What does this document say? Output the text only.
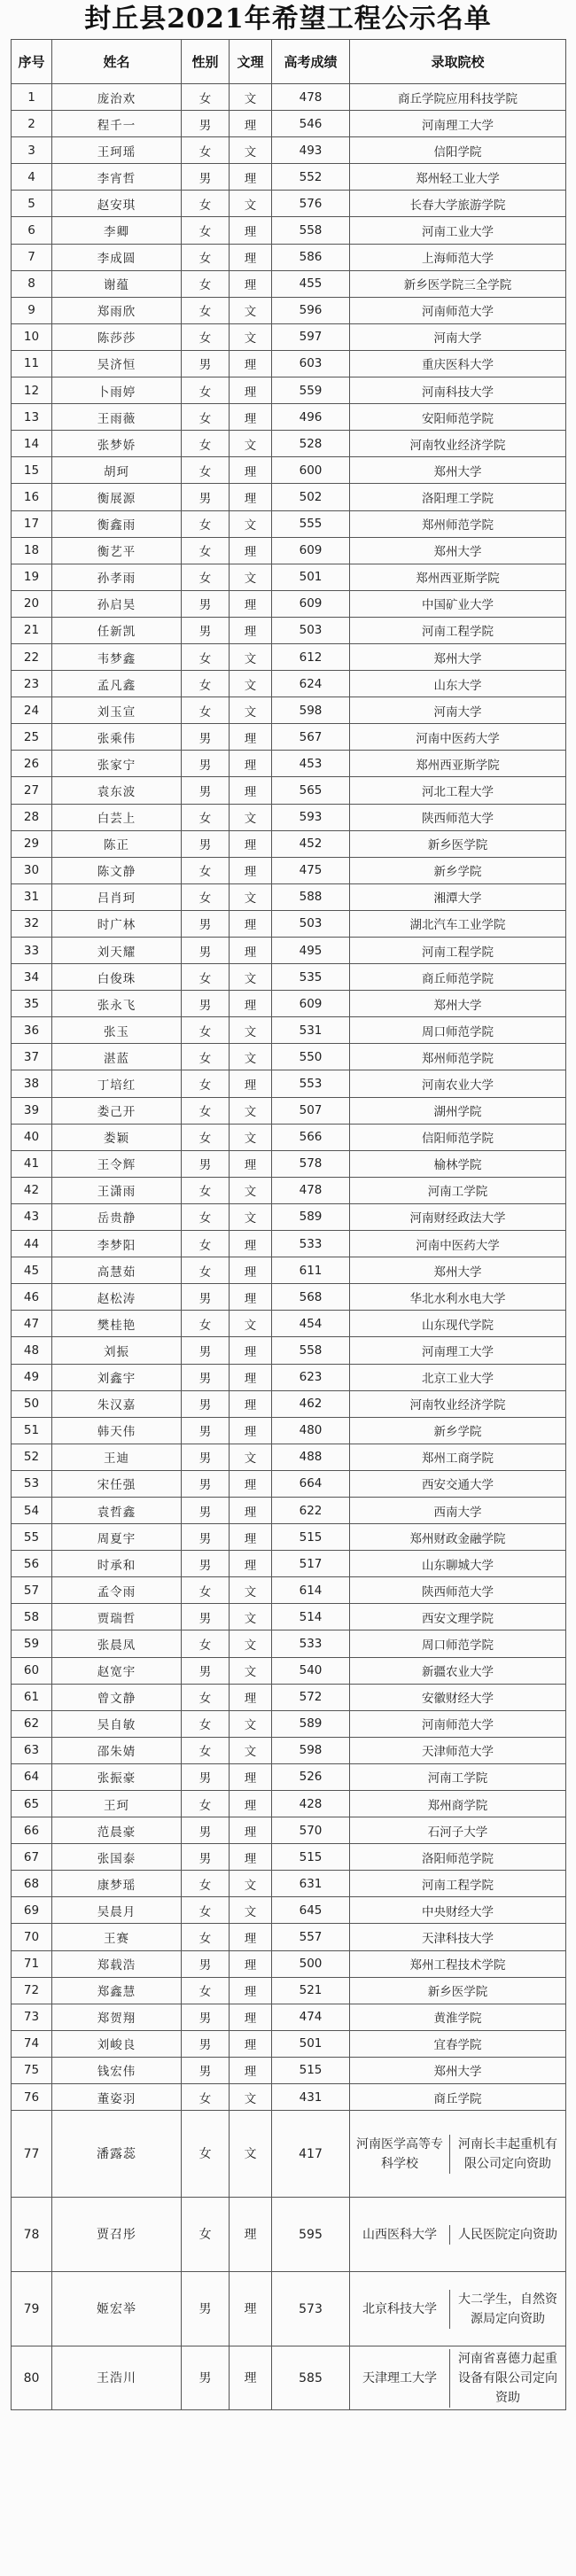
封丘县2021年希望工程公示名单
序号	姓名	性别	文理	高考成绩	录取院校
1	庞治欢	女	文	478	商丘学院应用科技学院
2	程千一	男	理	546	河南理工大学
3	王珂瑶	女	文	493	信阳学院
4	李宵哲	男	理	552	郑州轻工业大学
5	赵安琪	女	文	576	长春大学旅游学院
6	李卿	女	理	558	河南工业大学
7	李成圆	女	理	586	上海师范大学
8	谢蕴	女	理	455	新乡医学院三全学院
9	郑雨欣	女	文	596	河南师范大学
10	陈莎莎	女	文	597	河南大学
11	吴济恒	男	理	603	重庆医科大学
12	卜雨婷	女	理	559	河南科技大学
13	王雨薇	女	理	496	安阳师范学院
14	张梦娇	女	文	528	河南牧业经济学院
15	胡珂	女	理	600	郑州大学
16	衡展源	男	理	502	洛阳理工学院
17	衡鑫雨	女	文	555	郑州师范学院
18	衡艺平	女	理	609	郑州大学
19	孙孝雨	女	文	501	郑州西亚斯学院
20	孙启昊	男	理	609	中国矿业大学
21	任新凯	男	理	503	河南工程学院
22	韦梦鑫	女	文	612	郑州大学
23	孟凡鑫	女	文	624	山东大学
24	刘玉宣	女	文	598	河南大学
25	张乘伟	男	理	567	河南中医药大学
26	张家宁	男	理	453	郑州西亚斯学院
27	袁东波	男	理	565	河北工程大学
28	白芸上	女	文	593	陕西师范大学
29	陈正	男	理	452	新乡医学院
30	陈文静	女	理	475	新乡学院
31	吕肖珂	女	文	588	湘潭大学
32	时广林	男	理	503	湖北汽车工业学院
33	刘天耀	男	理	495	河南工程学院
34	白俊珠	女	文	535	商丘师范学院
35	张永飞	男	理	609	郑州大学
36	张玉	女	文	531	周口师范学院
37	湛蓝	女	文	550	郑州师范学院
38	丁培红	女	理	553	河南农业大学
39	娄己开	女	文	507	湖州学院
40	娄颖	女	文	566	信阳师范学院
41	王令辉	男	理	578	榆林学院
42	王潇雨	女	文	478	河南工学院
43	岳贵静	女	文	589	河南财经政法大学
44	李梦阳	女	理	533	河南中医药大学
45	高慧茹	女	理	611	郑州大学
46	赵松涛	男	理	568	华北水利水电大学
47	樊桂艳	女	文	454	山东现代学院
48	刘振	男	理	558	河南理工大学
49	刘鑫宇	男	理	623	北京工业大学
50	朱汉嘉	男	理	462	河南牧业经济学院
51	韩天伟	男	理	480	新乡学院
52	王迪	男	文	488	郑州工商学院
53	宋任强	男	理	664	西安交通大学
54	袁哲鑫	男	理	622	西南大学
55	周夏宇	男	理	515	郑州财政金融学院
56	时承和	男	理	517	山东聊城大学
57	孟令雨	女	文	614	陕西师范大学
58	贾瑞哲	男	文	514	西安文理学院
59	张晨凤	女	文	533	周口师范学院
60	赵宽宇	男	文	540	新疆农业大学
61	曾文静	女	理	572	安徽财经大学
62	吴自敏	女	文	589	河南师范大学
63	邵朱婧	女	文	598	天津师范大学
64	张振豪	男	理	526	河南工学院
65	王珂	女	理	428	郑州商学院
66	范晨豪	男	理	570	石河子大学
67	张国泰	男	理	515	洛阳师范学院
68	康梦瑶	女	文	631	河南工程学院
69	吴晨月	女	文	645	中央财经大学
70	王赛	女	理	557	天津科技大学
71	郑载浩	男	理	500	郑州工程技术学院
72	郑鑫慧	女	理	521	新乡医学院
73	郑贺翔	男	理	474	黄淮学院
74	刘峻良	男	理	501	宜春学院
75	钱宏伟	男	理	515	郑州大学
76	董姿羽	女	文	431	商丘学院
77	潘露蕊	女	文	417	河南医学高等专科学校
河南长丰起重机有限公司定向资助

78	贾召彤	女	理	595	山西医科大学 人民医院定向资助

79	姬宏举	男	理	573	北京科技大学
大二学生，自然资源局定向资助

80	王浩川	男	理	585	天津理工大学
河南省喜德力起重设备有限公司定向资助
